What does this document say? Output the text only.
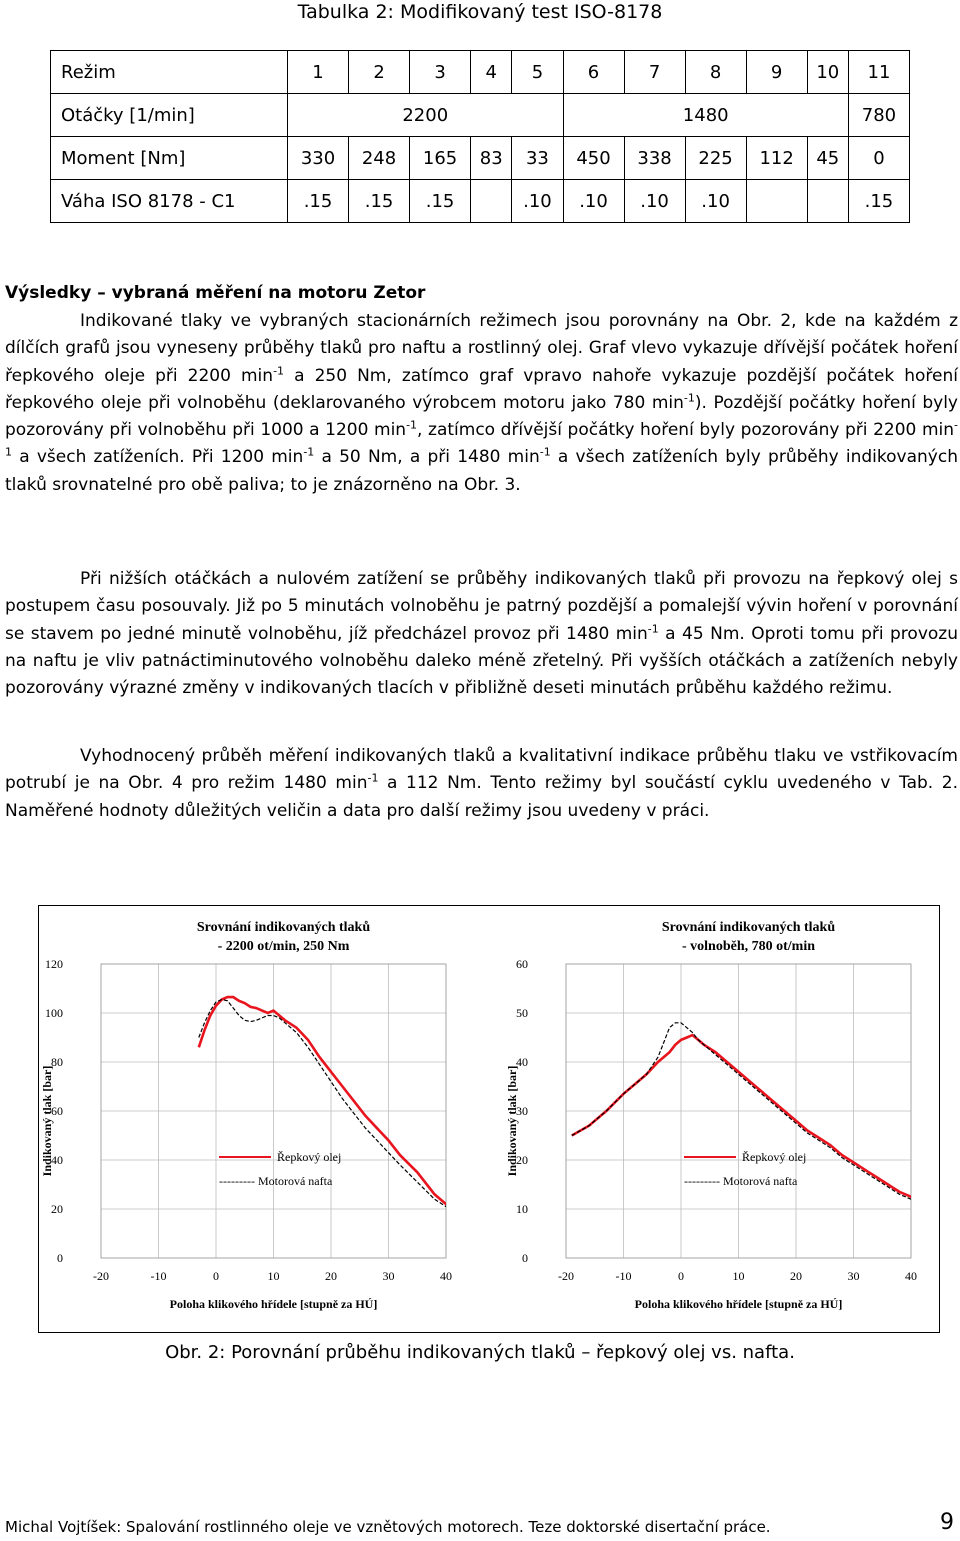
Tabulka 2: Modifikovaný test ISO-8178
Režim	1	2	3	4	5	6	7	8	9	10	11
Otáčky [1/min]	2200					1480					780
Moment [Nm]	330	248	165	83	33	450	338	225	112	45	0
Váha ISO 8178 - C1	.15	.15	.15		.10	.10	.10	.10			.15
Výsledky – vybraná měření na motoru Zetor

Indikované tlaky ve vybraných stacionárních režimech jsou porovnány na Obr. 2, kde na každém z dílčích grafů jsou vyneseny průběhy tlaků pro naftu a rostlinný olej. Graf vlevo vykazuje dřívější počátek hoření řepkového oleje při 2200 $\min^{-1} a$ 250 Nm, zatímco graf vpravo nahoře vykazuje pozdější počátek hoření řepkového oleje při volnoběhu (deklarovaného výrobcem motoru jako 780 $\min^{-1}$). Pozdější počátky hoření byly pozorovány při volnoběhu při 1000 a 1200 $\min^{-1}$, zatímco dřívější počátky hoření byly pozorovány při 2200 $\min^{-1} a$ všech zatíženích. Při 1200 $\min^{-1} a$ 50 Nm, a při 1480 $\min^{-1} a$ všech zatíženích byly průběhy indikovaných tlaků srovnatelné pro obě paliva; to je znázorněno na Obr. 3.

Při nižších otáčkách a nulovém zatížení se průběhy indikovaných tlaků při provozu na řepkový olej s postupem času posouvaly. Již po 5 minutách volnoběhu je patrný pozdější a pomalejší vývin hoření v porovnání se stavem po jedné minutě volnoběhu, jíž předcházel provoz při 1480 $\min^{-1} a$ 45 Nm. Oproti tomu při provozu na naftu je vliv patnáctiminutového volnoběhu daleko méně zřetelný. Při vyšších otáčkách a zatíženích nebyly pozorovány výrazné změny v indikovaných tlacích v přibližně deseti minutách průběhu každého režimu.

Vyhodnocený průběh měření indikovaných tlaků a kvalitativní indikace průběhu tlaku ve vstřikovacím potrubí je na Obr. 4 pro režim 1480 $\min^{-1} a$ 112 Nm. Tento režimy byl součástí cyklu uvedeného v Tab. 2. Naměřené hodnoty důležitých veličin a data pro další režimy jsou uvedeny v práci.

0
20
40
60
80
100
120
-20	-10	0	10	20	30	40
Srovnání indikovaných tlaků
- 2200 ot/min, 250 Nm
Poloha klikového hřídele [stupně za HÚ]
Indikovaný tlak [bar]	Řepkový olej
--------- Motorová nafta
0
10
20
30
40
50
60
-20	-10	0	10	20	30	40
Srovnání indikovaných tlaků
- volnoběh, 780 ot/min
Poloha klikového hřídele [stupně za HÚ]
Indikovaný tlak [bar]	Řepkový olej
--------- Motorová nafta
Obr. 2: Porovnání průběhu indikovaných tlaků – řepkový olej vs. nafta.
Michal Vojtíšek: Spalování rostlinného oleje ve vznětových motorech. Teze doktorské disertační práce.	9
